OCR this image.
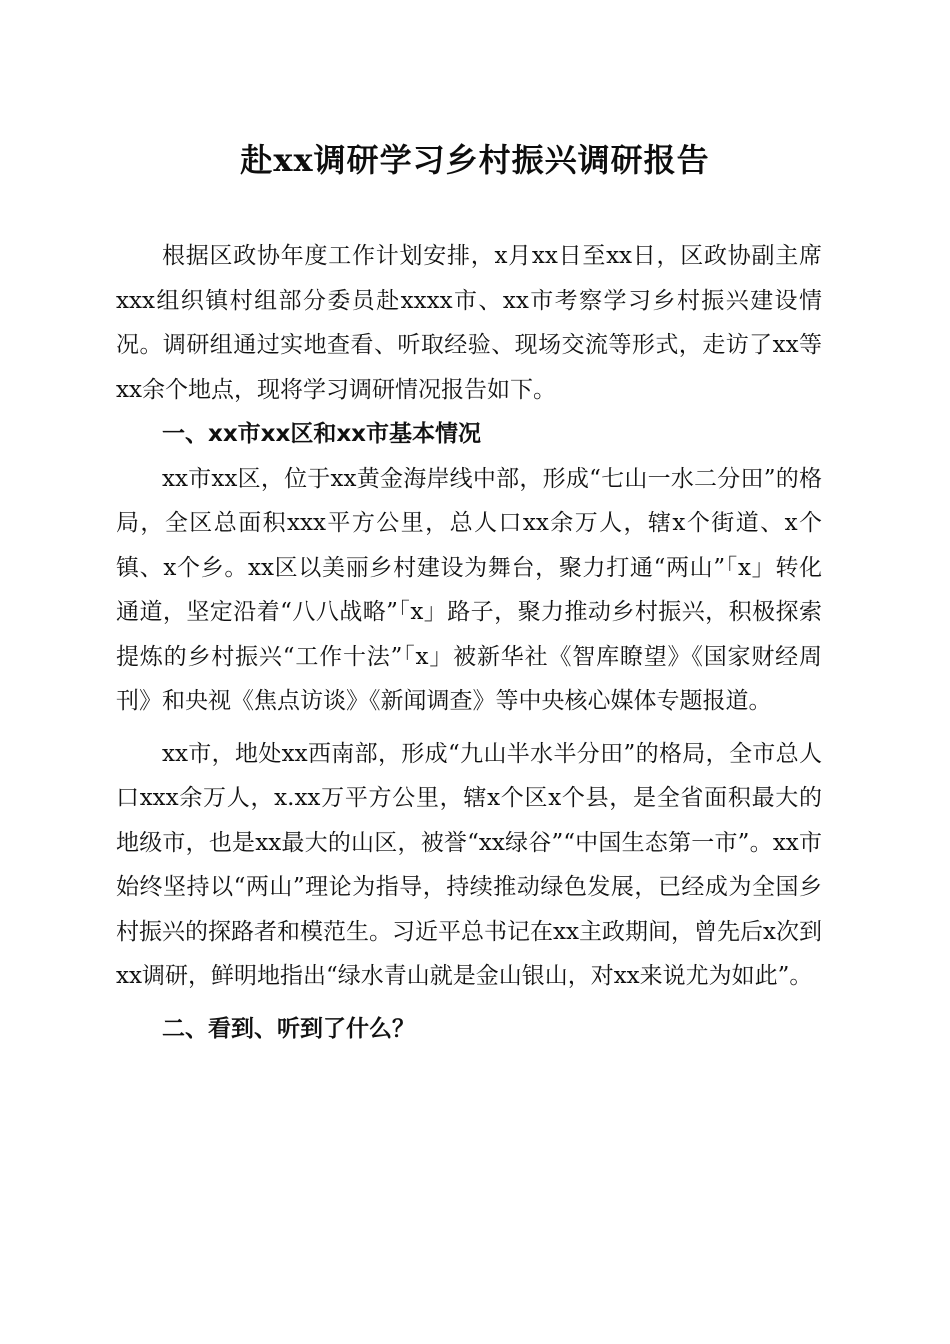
赴xx调研学习乡村振兴调研报告

根据区政协年度工作计划安排，x月xx日至xx日，区政协副主席xxx组织镇村组部分委员赴xxxx市、xx市考察学习乡村振兴建设情况。调研组通过实地查看、听取经验、现场交流等形式，走访了xx等xx余个地点，现将学习调研情况报告如下。

一、xx市xx区和xx市基本情况

xx市xx区，位于xx黄金海岸线中部，形成“七山一水二分田”的格局，全区总面积xxx平方公里，总人口xx余万人，辖x个街道、x个镇、x个乡。xx区以美丽乡村建设为舞台，聚力打通“两山”「x」转化通道，坚定沿着“八八战略”「x」路子，聚力推动乡村振兴，积极探索提炼的乡村振兴“工作十法”「x」被新华社《智库瞭望》《国家财经周刊》和央视《焦点访谈》《新闻调查》等中央核心媒体专题报道。

xx市，地处xx西南部，形成“九山半水半分田”的格局，全市总人口xxx余万人，x.xx万平方公里，辖x个区x个县，是全省面积最大的地级市，也是xx最大的山区，被誉“xx绿谷”“中国生态第一市”。xx市始终坚持以“两山”理论为指导，持续推动绿色发展，已经成为全国乡村振兴的探路者和模范生。习近平总书记在xx主政期间，曾先后x次到xx调研，鲜明地指出“绿水青山就是金山银山，对xx来说尤为如此”。

二、看到、听到了什么？
